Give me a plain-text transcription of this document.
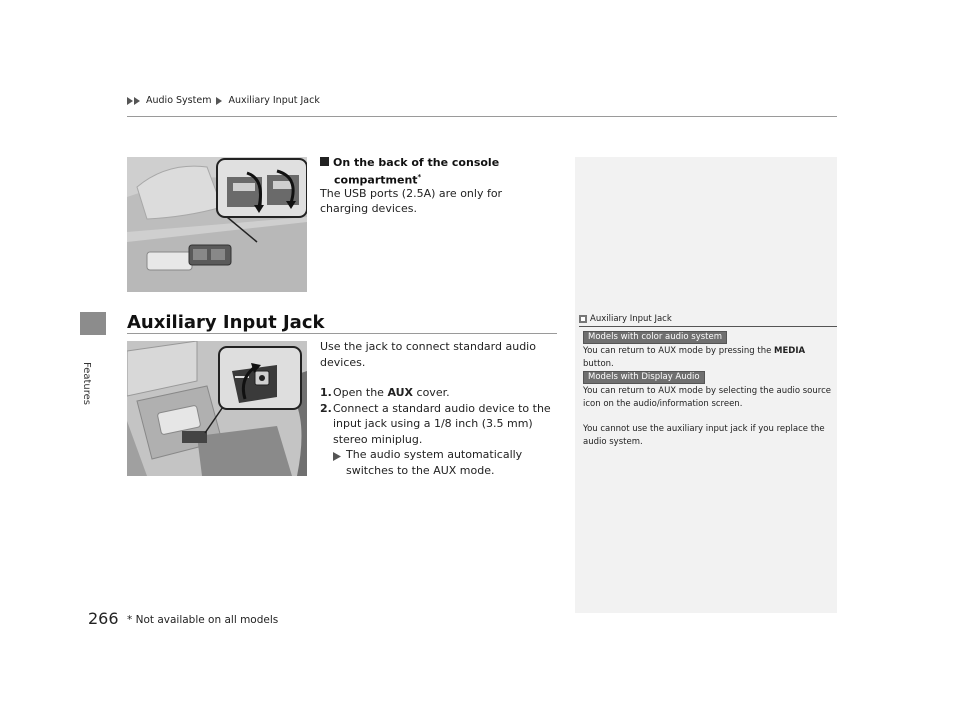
Audio System Auxiliary Input Jack
Features
On the back of the console
compartment*
The USB ports (2.5A) are only for charging devices.
Auxiliary Input Jack

Use the jack to connect standard audio devices.

1. Open the AUX cover.
2. Connect a standard audio device to the input jack using a 1/8 inch (3.5 mm) stereo miniplug.
The audio system automatically switches to the AUX mode.
Auxiliary Input Jack
Models with color audio system

You can return to AUX mode by pressing the MEDIA button.

Models with Display Audio

You can return to AUX mode by selecting the audio source icon on the audio/information screen.

You cannot use the auxiliary input jack if you replace the audio system.

266 * Not available on all models
